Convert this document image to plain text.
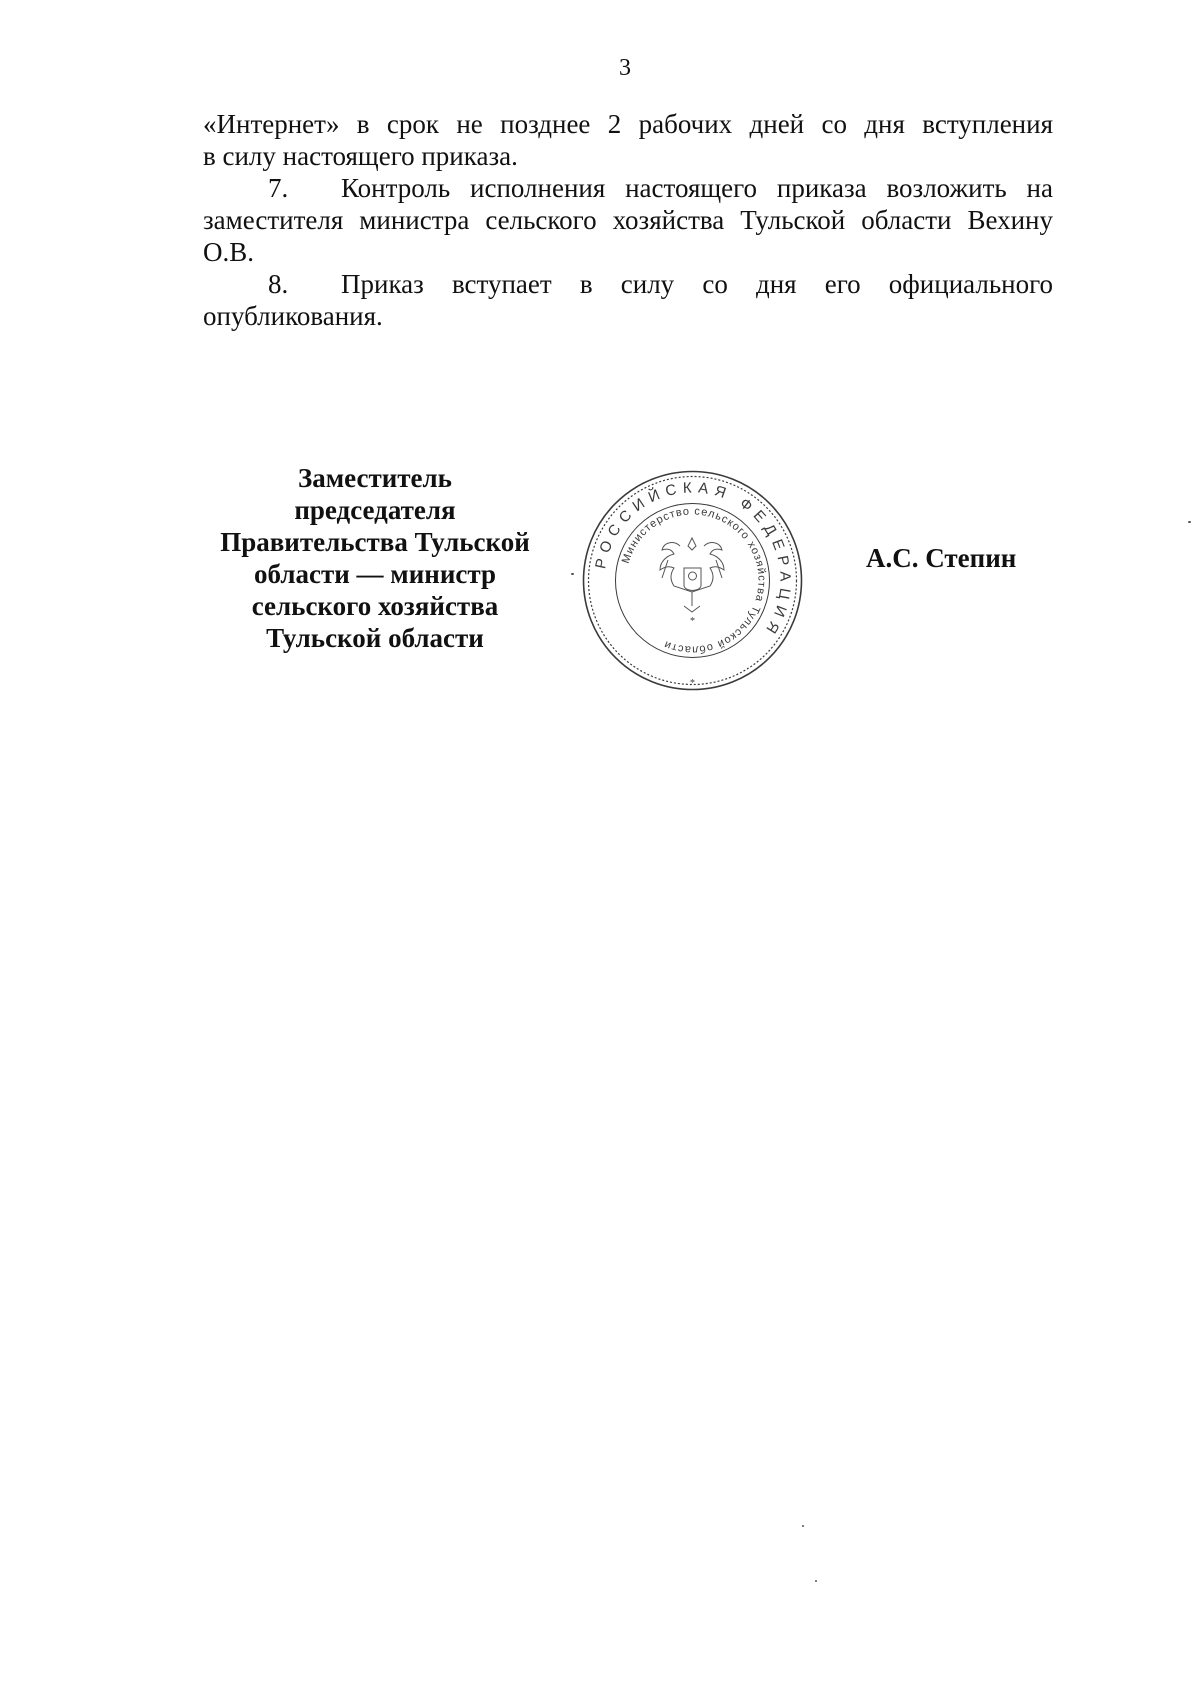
3

«Интернет» в срок не позднее 2 рабочих дней со дня вступления

в силу настоящего приказа.

7. Контроль исполнения настоящего приказа возложить на заместителя министра сельского хозяйства Тульской области Вехину О.В.

8. Приказ вступает в силу со дня его официального опубликования.

Заместитель
председателя
Правительства Тульской
области — министр
сельского хозяйства
Тульской области
РОССИЙСКАЯ ФЕДЕРАЦИЯ
Министерство сельского хозяйства Тульской области
*
*
А.С. Степин
